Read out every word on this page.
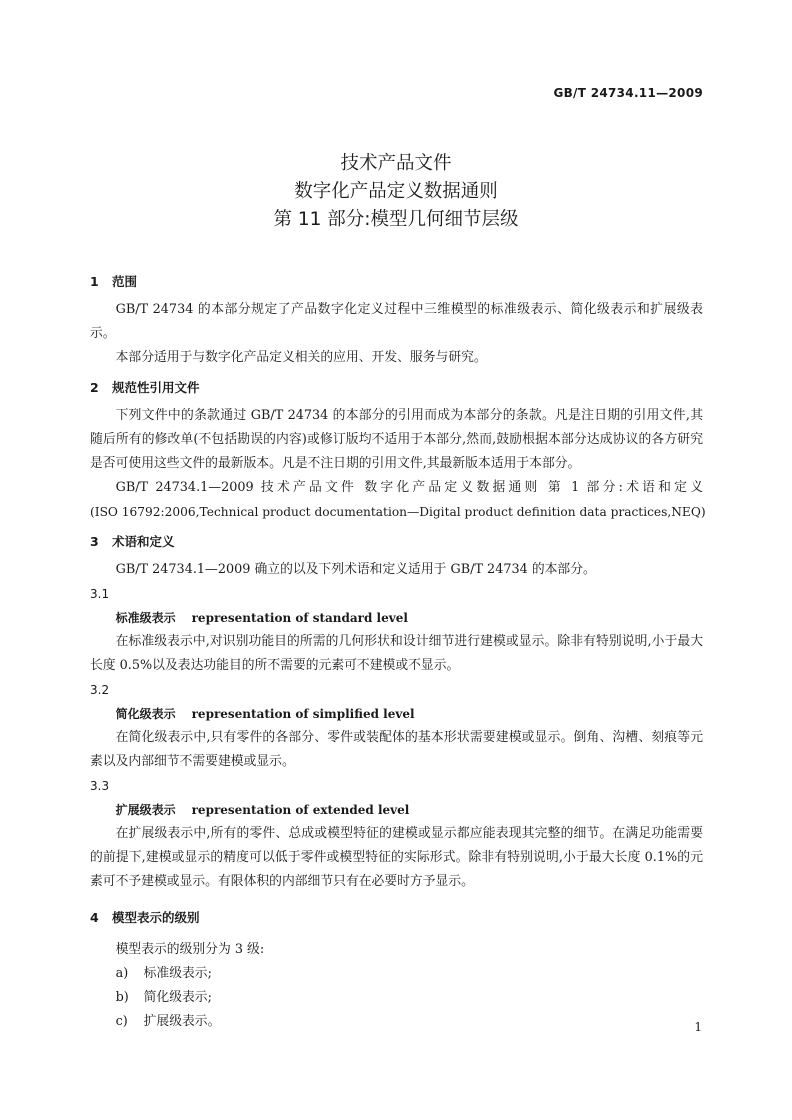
GB/T 24734.11—2009
技术产品文件
数字化产品定义数据通则
第 11 部分:模型几何细节层级
1 范围

GB/T 24734 的本部分规定了产品数字化定义过程中三维模型的标准级表示、简化级表示和扩展级表示。

本部分适用于与数字化产品定义相关的应用、开发、服务与研究。

2 规范性引用文件

下列文件中的条款通过 GB/T 24734 的本部分的引用而成为本部分的条款。凡是注日期的引用文件,其随后所有的修改单(不包括勘误的内容)或修订版均不适用于本部分,然而,鼓励根据本部分达成协议的各方研究是否可使用这些文件的最新版本。凡是不注日期的引用文件,其最新版本适用于本部分。

GB/T 24734.1—2009 技术产品文件 数字化产品定义数据通则 第 1 部分:术语和定义
(ISO 16792:2006,Technical product documentation—Digital product definition data practices,NEQ)
3 术语和定义

GB/T 24734.1—2009 确立的以及下列术语和定义适用于 GB/T 24734 的本部分。

3.1
标准级表示 representation of standard level

在标准级表示中,对识别功能目的所需的几何形状和设计细节进行建模或显示。除非有特别说明,小于最大长度 0.5%以及表达功能目的所不需要的元素可不建模或不显示。

3.2
简化级表示 representation of simplified level

在简化级表示中,只有零件的各部分、零件或装配体的基本形状需要建模或显示。倒角、沟槽、刻痕等元素以及内部细节不需要建模或显示。

3.3
扩展级表示 representation of extended level

在扩展级表示中,所有的零件、总成或模型特征的建模或显示都应能表现其完整的细节。在满足功能需要的前提下,建模或显示的精度可以低于零件或模型特征的实际形式。除非有特别说明,小于最大长度 0.1%的元素可不予建模或显示。有限体积的内部细节只有在必要时方予显示。

4 模型表示的级别

模型表示的级别分为 3 级:

a) 标准级表示;
b) 简化级表示;
c) 扩展级表示。	1
